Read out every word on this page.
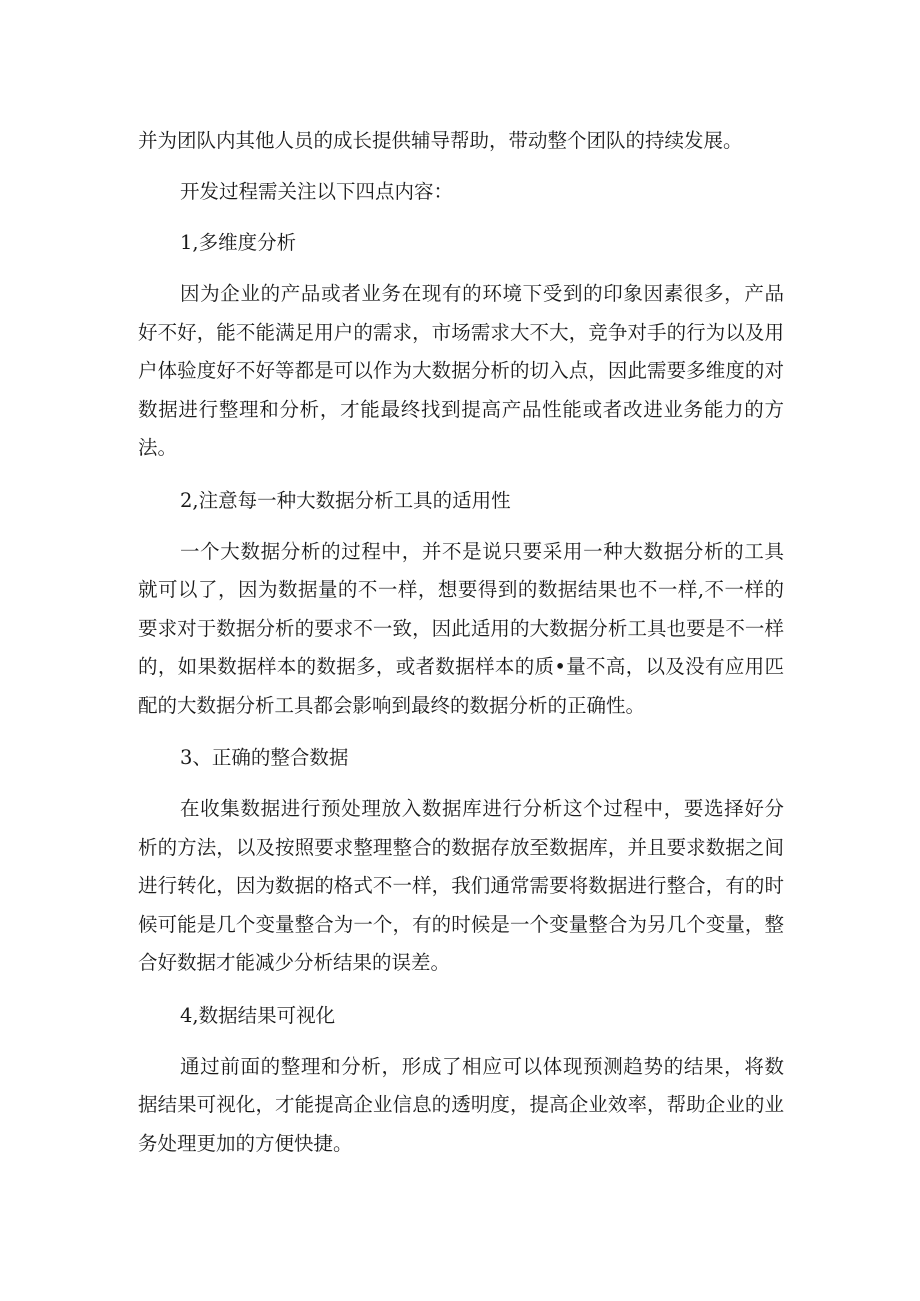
并为团队内其他人员的成长提供辅导帮助，带动整个团队的持续发展。

开发过程需关注以下四点内容：

1,多维度分析

因为企业的产品或者业务在现有的环境下受到的印象因素很多，产品好不好，能不能满足用户的需求，市场需求大不大，竞争对手的行为以及用户体验度好不好等都是可以作为大数据分析的切入点，因此需要多维度的对数据进行整理和分析，才能最终找到提高产品性能或者改进业务能力的方法。

2,注意每一种大数据分析工具的适用性

一个大数据分析的过程中，并不是说只要采用一种大数据分析的工具就可以了，因为数据量的不一样，想要得到的数据结果也不一样,不一样的要求对于数据分析的要求不一致，因此适用的大数据分析工具也要是不一样的，如果数据样本的数据多，或者数据样本的质•量不高，以及没有应用匹配的大数据分析工具都会影响到最终的数据分析的正确性。

3、正确的整合数据

在收集数据进行预处理放入数据库进行分析这个过程中，要选择好分析的方法，以及按照要求整理整合的数据存放至数据库，并且要求数据之间进行转化，因为数据的格式不一样，我们通常需要将数据进行整合，有的时候可能是几个变量整合为一个，有的时候是一个变量整合为另几个变量，整合好数据才能减少分析结果的误差。

4,数据结果可视化

通过前面的整理和分析，形成了相应可以体现预测趋势的结果，将数据结果可视化，才能提高企业信息的透明度，提高企业效率，帮助企业的业务处理更加的方便快捷。
